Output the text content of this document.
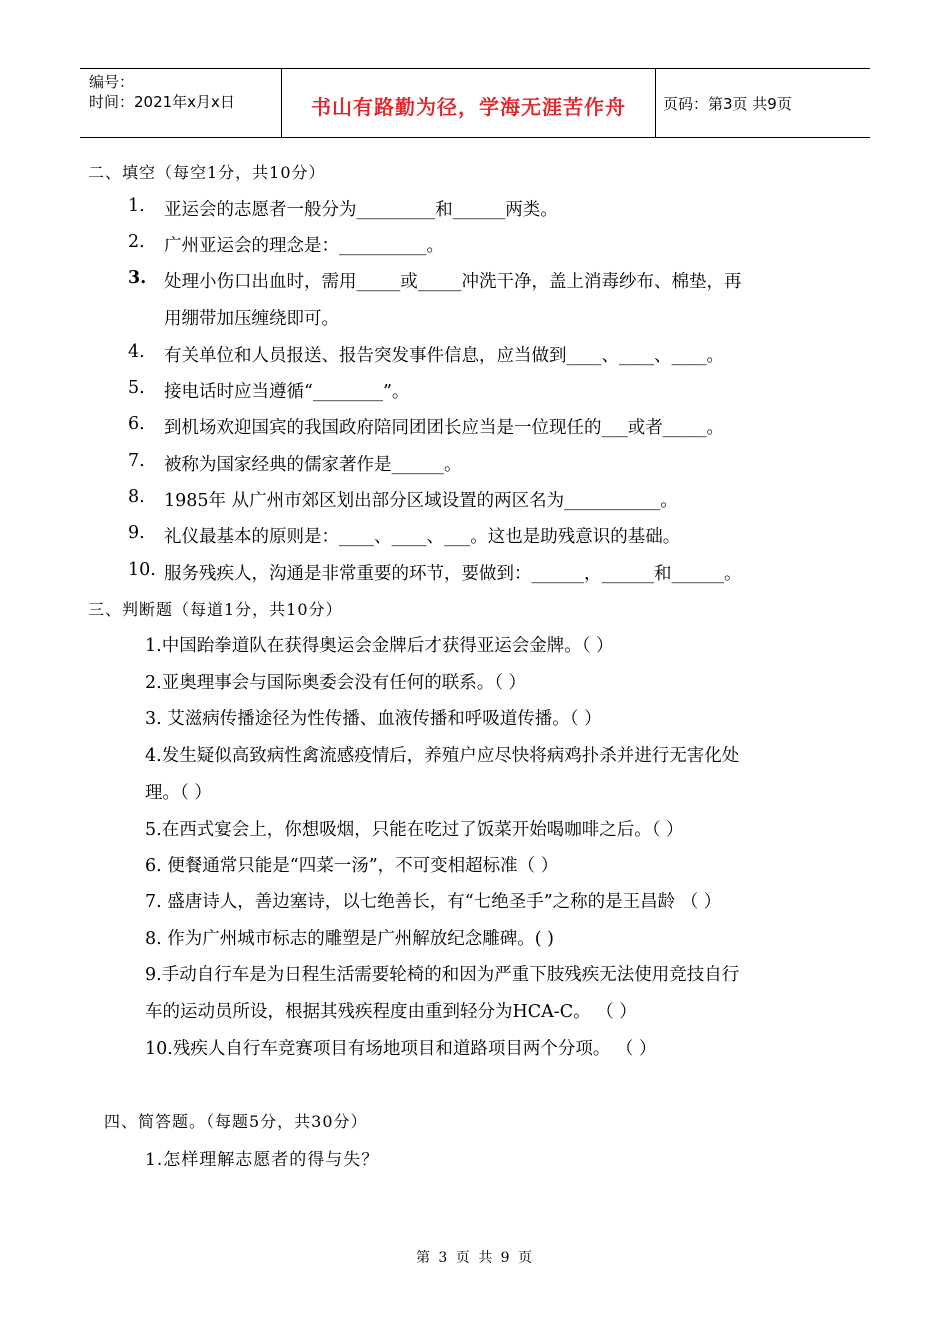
编号：
时间：2021年x月x日	书山有路勤为径，学海无涯苦作舟	页码：第3页 共9页
二、填空（每空1分，共10分）
1. 亚运会的志愿者一般分为_________和______两类。
2. 广州亚运会的理念是：__________。
3. 处理小伤口出血时，需用_____或_____冲洗干净，盖上消毒纱布、棉垫，再
用绷带加压缠绕即可。
4. 有关单位和人员报送、报告突发事件信息，应当做到____、____、____。
5. 接电话时应当遵循“________”。
6. 到机场欢迎国宾的我国政府陪同团团长应当是一位现任的___或者_____。
7. 被称为国家经典的儒家著作是______。
8. 1985年 从广州市郊区划出部分区域设置的两区名为___________。
9. 礼仪最基本的原则是：____、____、___。这也是助残意识的基础。
10. 服务残疾人，沟通是非常重要的环节，要做到：______，______和______。
三、判断题（每道1分，共10分）
1.中国跆拳道队在获得奥运会金牌后才获得亚运会金牌。（ ）
2.亚奥理事会与国际奥委会没有任何的联系。（ ）
3. 艾滋病传播途径为性传播、血液传播和呼吸道传播。（ ）
4.发生疑似高致病性禽流感疫情后，养殖户应尽快将病鸡扑杀并进行无害化处
理。（ ）
5.在西式宴会上，你想吸烟，只能在吃过了饭菜开始喝咖啡之后。（ ）
6. 便餐通常只能是“四菜一汤”，不可变相超标准（ ）
7. 盛唐诗人，善边塞诗，以七绝善长，有“七绝圣手”之称的是王昌龄 （ ）
8. 作为广州城市标志的雕塑是广州解放纪念雕碑。( )
9.手动自行车是为日程生活需要轮椅的和因为严重下肢残疾无法使用竞技自行
车的运动员所设，根据其残疾程度由重到轻分为HCA-C。 （ ）
10.残疾人自行车竞赛项目有场地项目和道路项目两个分项。 （ ）
四、简答题。（每题5分，共30分）
1.怎样理解志愿者的得与失？
第 3 页 共 9 页
